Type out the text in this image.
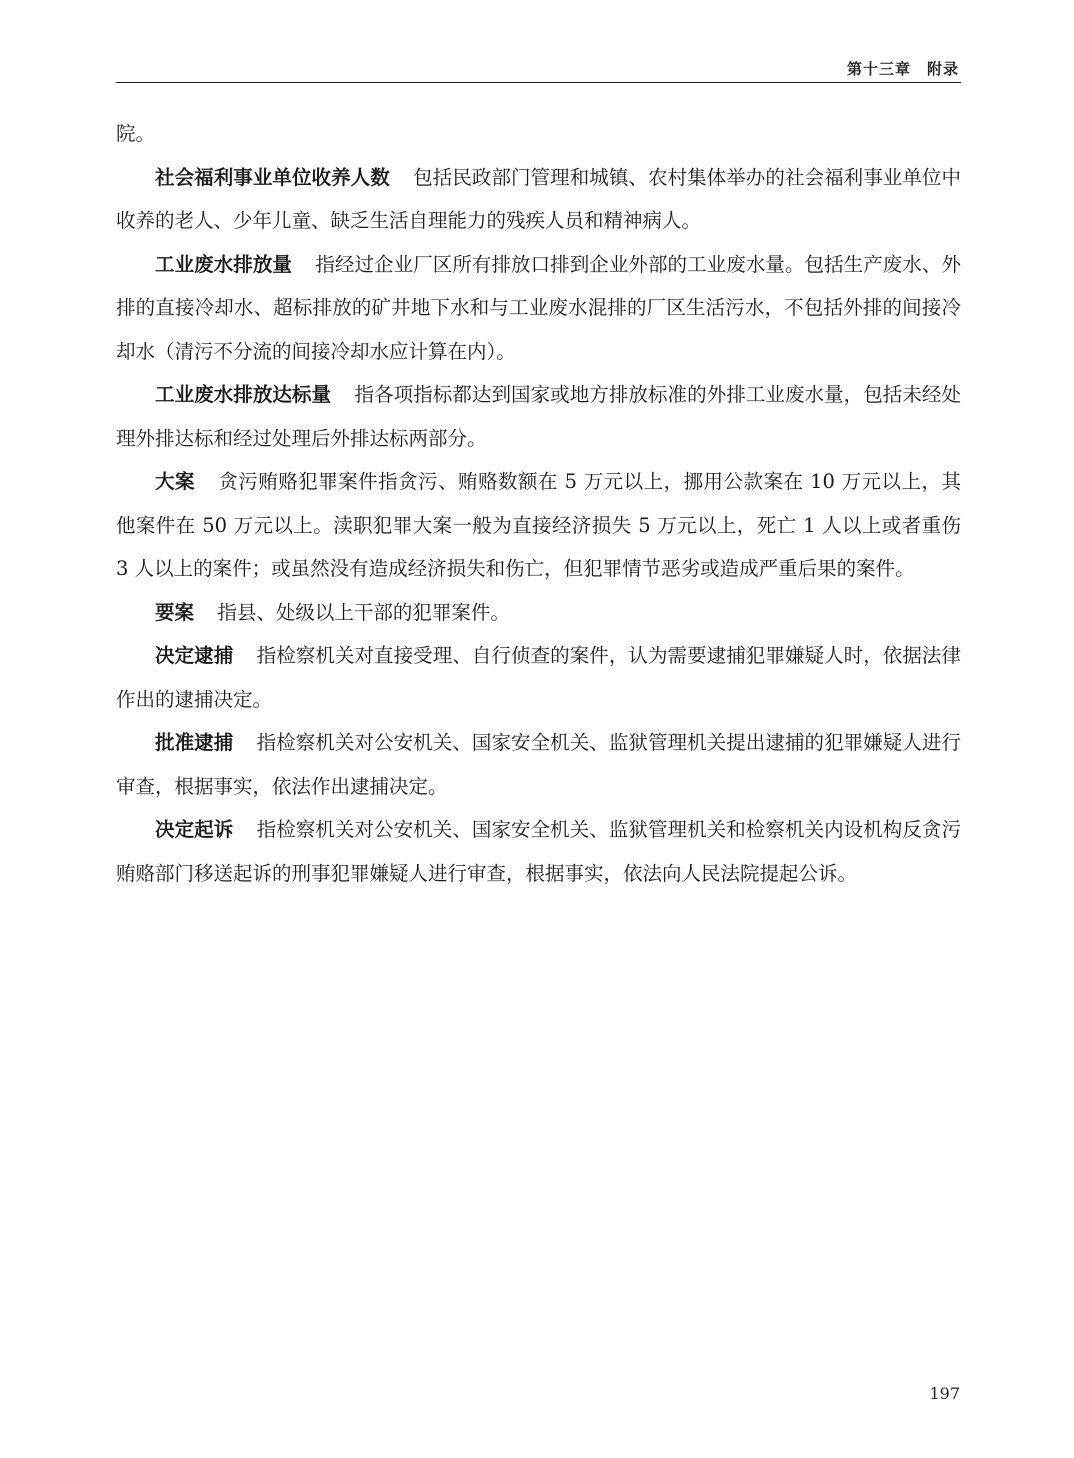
第十三章　附录

院。

社会福利事业单位收养人数 包括民政部门管理和城镇、农村集体举办的社会福利事业单位中收养的老人、少年儿童、缺乏生活自理能力的残疾人员和精神病人。

工业废水排放量 指经过企业厂区所有排放口排到企业外部的工业废水量。包括生产废水、外排的直接冷却水、超标排放的矿井地下水和与工业废水混排的厂区生活污水，不包括外排的间接冷却水（清污不分流的间接冷却水应计算在内）。

工业废水排放达标量 指各项指标都达到国家或地方排放标准的外排工业废水量，包括未经处理外排达标和经过处理后外排达标两部分。

大案 贪污贿赂犯罪案件指贪污、贿赂数额在 5 万元以上，挪用公款案在 10 万元以上，其他案件在 50 万元以上。渎职犯罪大案一般为直接经济损失 5 万元以上，死亡 1 人以上或者重伤 3 人以上的案件；或虽然没有造成经济损失和伤亡，但犯罪情节恶劣或造成严重后果的案件。

要案 指县、处级以上干部的犯罪案件。

决定逮捕 指检察机关对直接受理、自行侦查的案件，认为需要逮捕犯罪嫌疑人时，依据法律作出的逮捕决定。

批准逮捕 指检察机关对公安机关、国家安全机关、监狱管理机关提出逮捕的犯罪嫌疑人进行审查，根据事实，依法作出逮捕决定。

决定起诉 指检察机关对公安机关、国家安全机关、监狱管理机关和检察机关内设机构反贪污贿赂部门移送起诉的刑事犯罪嫌疑人进行审查，根据事实，依法向人民法院提起公诉。

197
